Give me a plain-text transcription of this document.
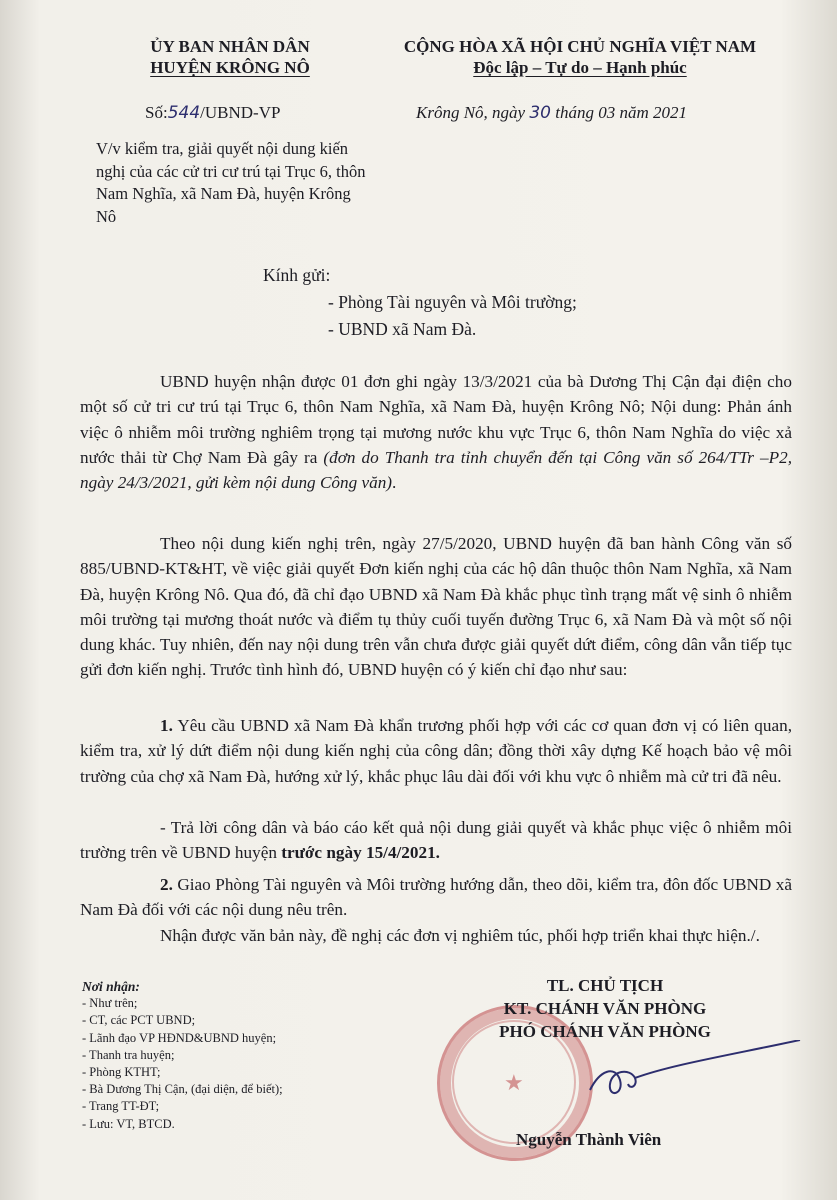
ỦY BAN NHÂN DÂN
HUYỆN KRÔNG NÔ
Số:544/UBND-VP
V/v kiểm tra, giải quyết nội dung kiến nghị của các cử tri cư trú tại Trục 6, thôn Nam Nghĩa, xã Nam Đà, huyện Krông Nô
CỘNG HÒA XÃ HỘI CHỦ NGHĨA VIỆT NAM
Độc lập – Tự do – Hạnh phúc
Krông Nô, ngày 30 tháng 03 năm 2021
Kính gửi:
- Phòng Tài nguyên và Môi trường;
- UBND xã Nam Đà.
UBND huyện nhận được 01 đơn ghi ngày 13/3/2021 của bà Dương Thị Cận đại điện cho một số cử tri cư trú tại Trục 6, thôn Nam Nghĩa, xã Nam Đà, huyện Krông Nô; Nội dung: Phản ánh việc ô nhiễm môi trường nghiêm trọng tại mương nước khu vực Trục 6, thôn Nam Nghĩa do việc xả nước thải từ Chợ Nam Đà gây ra (đơn do Thanh tra tỉnh chuyển đến tại Công văn số 264/TTr –P2, ngày 24/3/2021, gửi kèm nội dung Công văn).
Theo nội dung kiến nghị trên, ngày 27/5/2020, UBND huyện đã ban hành Công văn số 885/UBND-KT&HT, về việc giải quyết Đơn kiến nghị của các hộ dân thuộc thôn Nam Nghĩa, xã Nam Đà, huyện Krông Nô. Qua đó, đã chỉ đạo UBND xã Nam Đà khắc phục tình trạng mất vệ sinh ô nhiễm môi trường tại mương thoát nước và điểm tụ thủy cuối tuyến đường Trục 6, xã Nam Đà và một số nội dung khác. Tuy nhiên, đến nay nội dung trên vẫn chưa được giải quyết dứt điểm, công dân vẫn tiếp tục gửi đơn kiến nghị. Trước tình hình đó, UBND huyện có ý kiến chỉ đạo như sau:
1. Yêu cầu UBND xã Nam Đà khẩn trương phối hợp với các cơ quan đơn vị có liên quan, kiểm tra, xử lý dứt điểm nội dung kiến nghị của công dân; đồng thời xây dựng Kế hoạch bảo vệ môi trường của chợ xã Nam Đà, hướng xử lý, khắc phục lâu dài đối với khu vực ô nhiễm mà cử tri đã nêu.
- Trả lời công dân và báo cáo kết quả nội dung giải quyết và khắc phục việc ô nhiễm môi trường trên về UBND huyện trước ngày 15/4/2021.
2. Giao Phòng Tài nguyên và Môi trường hướng dẫn, theo dõi, kiểm tra, đôn đốc UBND xã Nam Đà đối với các nội dung nêu trên.
Nhận được văn bản này, đề nghị các đơn vị nghiêm túc, phối hợp triển khai thực hiện./.
Nơi nhận:
- Như trên;
- CT, các PCT UBND;
- Lãnh đạo VP HĐND&UBND huyện;
- Thanh tra huyện;
- Phòng KTHT;
- Bà Dương Thị Cận, (đại diện, để biết);
- Trang TT-ĐT;
- Lưu: VT, BTCD.
★
TL. CHỦ TỊCH
KT. CHÁNH VĂN PHÒNG
PHÓ CHÁNH VĂN PHÒNG
Nguyễn Thành Viên
